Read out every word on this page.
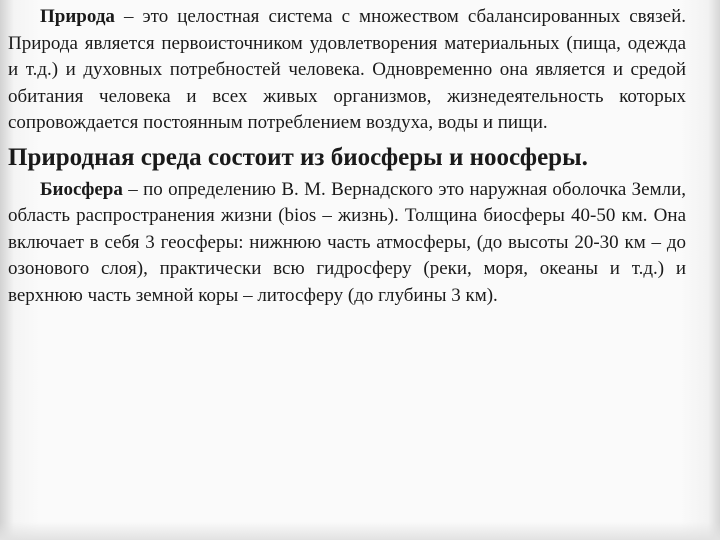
Природа – это целостная система с множеством сбалансированных связей. Природа является первоисточником удовлетворения материальных (пища, одежда и т.д.) и духовных потребностей человека. Одновременно она является и средой обитания человека и всех живых организмов, жизнедеятельность которых сопровождается постоянным потреблением воздуха, воды и пищи.

Природная среда состоит из биосферы и ноосферы.

Биосфера – по определению В. М. Вернадского это наружная оболочка Земли, область распространения жизни (bios – жизнь). Толщина биосферы 40-50 км. Она включает в себя 3 геосферы: нижнюю часть атмосферы, (до высоты 20-30 км – до озонового слоя), практически всю гидросферу (реки, моря, океаны и т.д.) и верхнюю часть земной коры – литосферу (до глубины 3 км).
